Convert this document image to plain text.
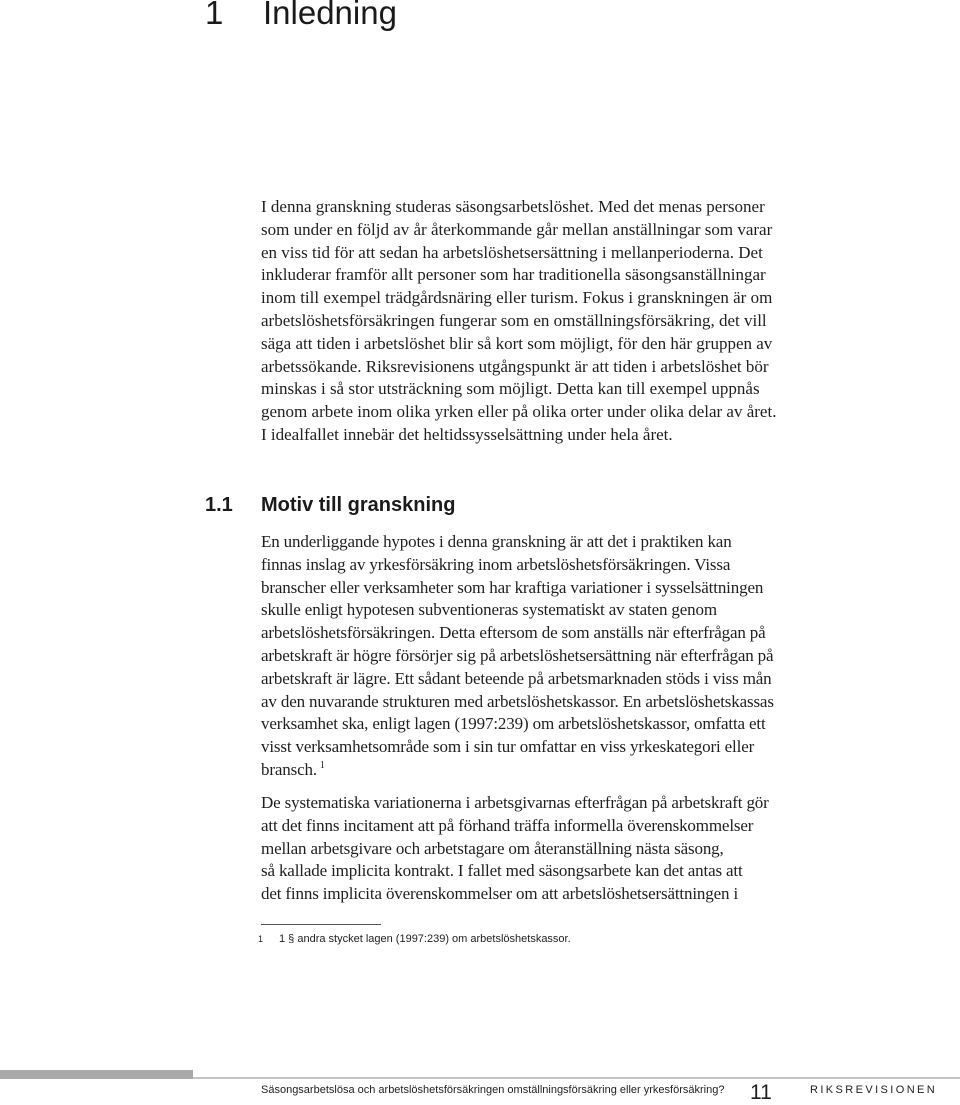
1 Inledning

I denna granskning studeras säsongsarbetslöshet. Med det menas personer
som under en följd av år återkommande går mellan anställningar som varar
en viss tid för att sedan ha arbetslöshetsersättning i mellanperioderna. Det
inkluderar framför allt personer som har traditionella säsongsanställningar
inom till exempel trädgårdsnäring eller turism. Fokus i granskningen är om
arbetslöshetsförsäkringen fungerar som en omställningsförsäkring, det vill
säga att tiden i arbetslöshet blir så kort som möjligt, för den här gruppen av
arbetssökande. Riksrevisionens utgångspunkt är att tiden i arbetslöshet bör
minskas i så stor utsträckning som möjligt. Detta kan till exempel uppnås
genom arbete inom olika yrken eller på olika orter under olika delar av året.
I idealfallet innebär det heltidssysselsättning under hela året.

1.1 Motiv till granskning

En underliggande hypotes i denna granskning är att det i praktiken kan
finnas inslag av yrkesförsäkring inom arbetslöshetsförsäkringen. Vissa
branscher eller verksamheter som har kraftiga variationer i sysselsättningen
skulle enligt hypotesen subventioneras systematiskt av staten genom
arbetslöshetsförsäkringen. Detta eftersom de som anställs när efterfrågan på
arbetskraft är högre försörjer sig på arbetslöshetsersättning när efterfrågan på
arbetskraft är lägre. Ett sådant beteende på arbetsmarknaden stöds i viss mån
av den nuvarande strukturen med arbetslöshetskassor. En arbetslöshetskassas
verksamhet ska, enligt lagen (1997:239) om arbetslöshetskassor, omfatta ett
visst verksamhetsområde som i sin tur omfattar en viss yrkeskategori eller
bransch. $^1$

De systematiska variationerna i arbetsgivarnas efterfrågan på arbetskraft gör
att det finns incitament att på förhand träffa informella överenskommelser
mellan arbetsgivare och arbetstagare om återanställning nästa säsong,
så kallade implicita kontrakt. I fallet med säsongsarbete kan det antas att
det finns implicita överenskommelser om att arbetslöshetsersättningen i

1 1 § andra stycket lagen (1997:239) om arbetslöshetskassor.

Säsongsarbetslösa och arbetslöshetsförsäkringen omställningsförsäkring eller yrkesförsäkring? 11	RIKSREVISIONEN
